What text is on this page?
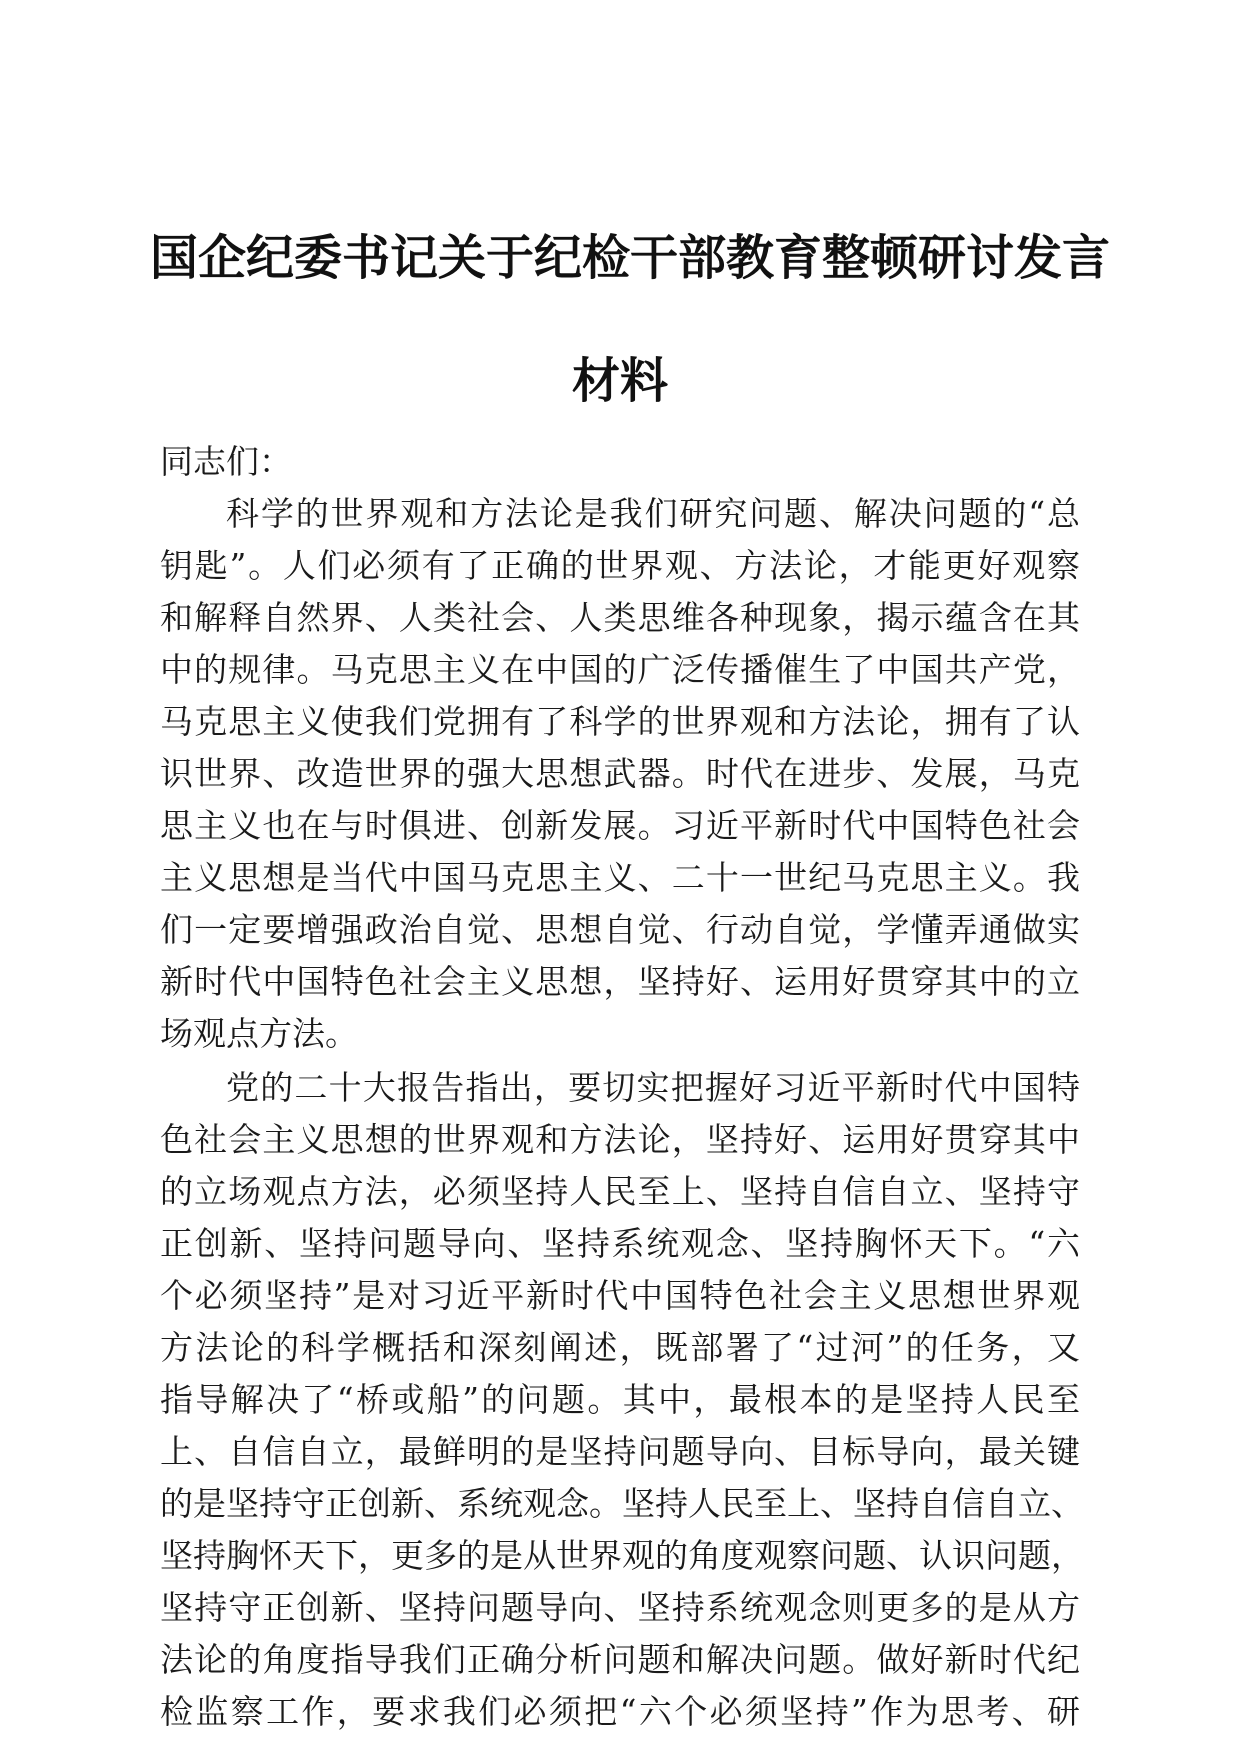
国企纪委书记关于纪检干部教育整顿研讨发言
材料

同志们：

科学的世界观和方法论是我们研究问题、解决问题的“总

钥匙”。人们必须有了正确的世界观、方法论，才能更好观察

和解释自然界、人类社会、人类思维各种现象，揭示蕴含在其

中的规律。马克思主义在中国的广泛传播催生了中国共产党，

马克思主义使我们党拥有了科学的世界观和方法论，拥有了认

识世界、改造世界的强大思想武器。时代在进步、发展，马克

思主义也在与时俱进、创新发展。习近平新时代中国特色社会

主义思想是当代中国马克思主义、二十一世纪马克思主义。我

们一定要增强政治自觉、思想自觉、行动自觉，学懂弄通做实

新时代中国特色社会主义思想，坚持好、运用好贯穿其中的立

场观点方法。

党的二十大报告指出，要切实把握好习近平新时代中国特

色社会主义思想的世界观和方法论，坚持好、运用好贯穿其中

的立场观点方法，必须坚持人民至上、坚持自信自立、坚持守

正创新、坚持问题导向、坚持系统观念、坚持胸怀天下。“六

个必须坚持”是对习近平新时代中国特色社会主义思想世界观

方法论的科学概括和深刻阐述，既部署了“过河”的任务，又

指导解决了“桥或船”的问题。其中，最根本的是坚持人民至

上、自信自立，最鲜明的是坚持问题导向、目标导向，最关键

的是坚持守正创新、系统观念。坚持人民至上、坚持自信自立、

坚持胸怀天下，更多的是从世界观的角度观察问题、认识问题，

坚持守正创新、坚持问题导向、坚持系统观念则更多的是从方

法论的角度指导我们正确分析问题和解决问题。做好新时代纪

检监察工作，要求我们必须把“六个必须坚持”作为思考、研
